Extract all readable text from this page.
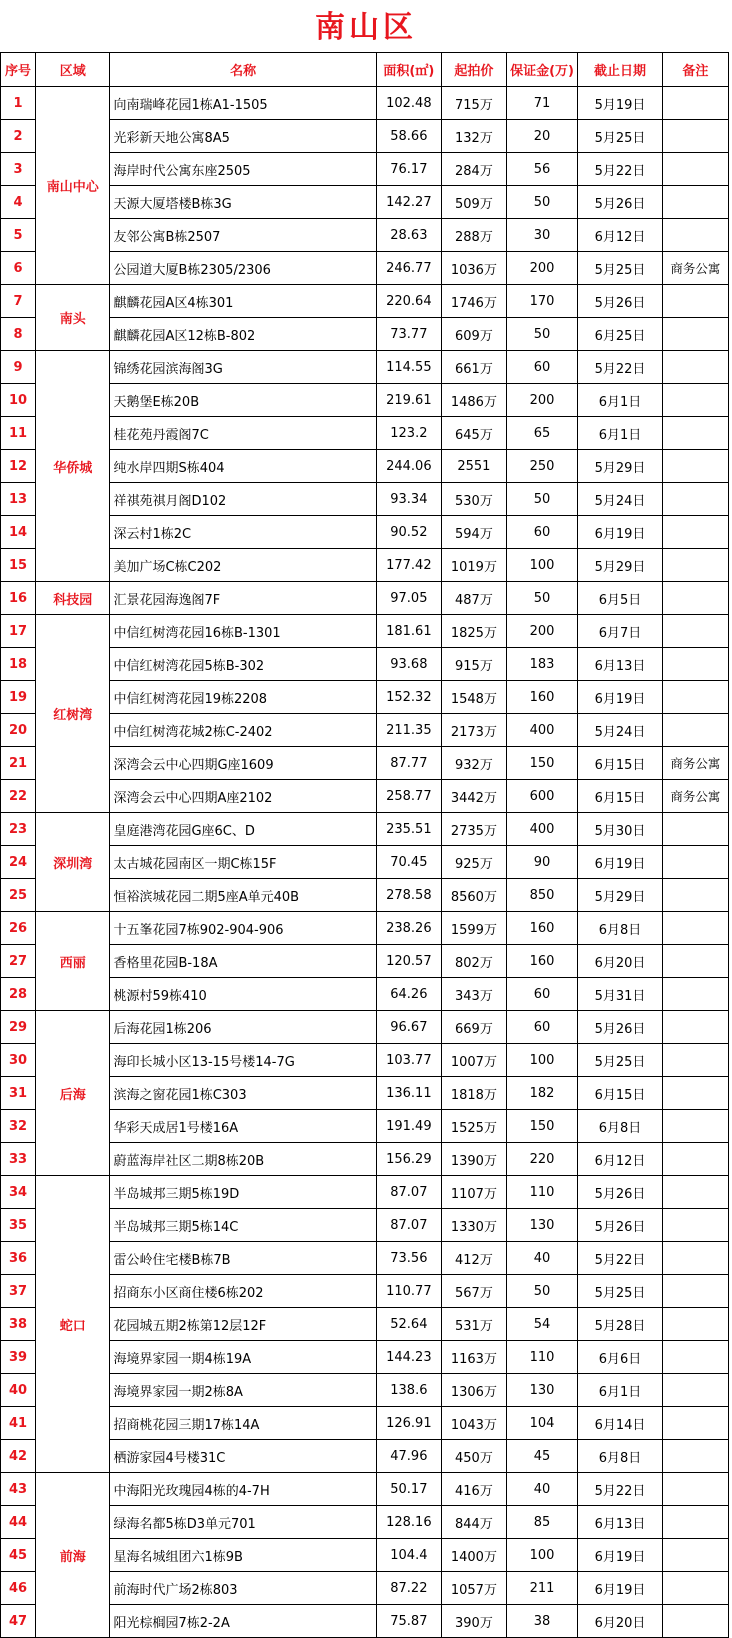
南山区
序号	区域	名称	面积(㎡)	起拍价	保证金(万)	截止日期	备注
1	南山中心	向南瑞峰花园1栋A1-1505	102.48	715万	71	5月19日	
2		光彩新天地公寓8A5	58.66	132万	20	5月25日	
3		海岸时代公寓东座2505	76.17	284万	56	5月22日	
4		天源大厦塔楼B栋3G	142.27	509万	50	5月26日	
5		友邻公寓B栋2507	28.63	288万	30	6月12日	
6		公园道大厦B栋2305/2306	246.77	1036万	200	5月25日	商务公寓
7	南头	麒麟花园A区4栋301	220.64	1746万	170	5月26日	
8		麒麟花园A区12栋B-802	73.77	609万	50	6月25日	
9	华侨城	锦绣花园滨海阁3G	114.55	661万	60	5月22日	
10		天鹅堡E栋20B	219.61	1486万	200	6月1日	
11		桂花苑丹霞阁7C	123.2	645万	65	6月1日	
12		纯水岸四期S栋404	244.06	2551	250	5月29日	
13		祥祺苑祺月阁D102	93.34	530万	50	5月24日	
14		深云村1栋2C	90.52	594万	60	6月19日	
15		美加广场C栋C202	177.42	1019万	100	5月29日	
16	科技园	汇景花园海逸阁7F	97.05	487万	50	6月5日	
17	红树湾	中信红树湾花园16栋B-1301	181.61	1825万	200	6月7日	
18		中信红树湾花园5栋B-302	93.68	915万	183	6月13日	
19		中信红树湾花园19栋2208	152.32	1548万	160	6月19日	
20		中信红树湾花城2栋C-2402	211.35	2173万	400	5月24日	
21		深湾会云中心四期G座1609	87.77	932万	150	6月15日	商务公寓
22		深湾会云中心四期A座2102	258.77	3442万	600	6月15日	商务公寓
23	深圳湾	皇庭港湾花园G座6C、D	235.51	2735万	400	5月30日	
24		太古城花园南区一期C栋15F	70.45	925万	90	6月19日	
25		恒裕滨城花园二期5座A单元40B	278.58	8560万	850	5月29日	
26	西丽	十五峯花园7栋902-904-906	238.26	1599万	160	6月8日	
27		香格里花园B-18A	120.57	802万	160	6月20日	
28		桃源村59栋410	64.26	343万	60	5月31日	
29	后海	后海花园1栋206	96.67	669万	60	5月26日	
30		海印长城小区13-15号楼14-7G	103.77	1007万	100	5月25日	
31		滨海之窗花园1栋C303	136.11	1818万	182	6月15日	
32		华彩天成居1号楼16A	191.49	1525万	150	6月8日	
33		蔚蓝海岸社区二期8栋20B	156.29	1390万	220	6月12日	
34	蛇口	半岛城邦三期5栋19D	87.07	1107万	110	5月26日	
35		半岛城邦三期5栋14C	87.07	1330万	130	5月26日	
36		雷公岭住宅楼B栋7B	73.56	412万	40	5月22日	
37		招商东小区商住楼6栋202	110.77	567万	50	5月25日	
38		花园城五期2栋第12层12F	52.64	531万	54	5月28日	
39		海境界家园一期4栋19A	144.23	1163万	110	6月6日	
40		海境界家园一期2栋8A	138.6	1306万	130	6月1日	
41		招商桃花园三期17栋14A	126.91	1043万	104	6月14日	
42		栖游家园4号楼31C	47.96	450万	45	6月8日	
43	前海	中海阳光玫瑰园4栋的4-7H	50.17	416万	40	5月22日	
44		绿海名都5栋D3单元701	128.16	844万	85	6月13日	
45		星海名城组团六1栋9B	104.4	1400万	100	6月19日	
46		前海时代广场2栋803	87.22	1057万	211	6月19日	
47		阳光棕榈园7栋2-2A	75.87	390万	38	6月20日	
